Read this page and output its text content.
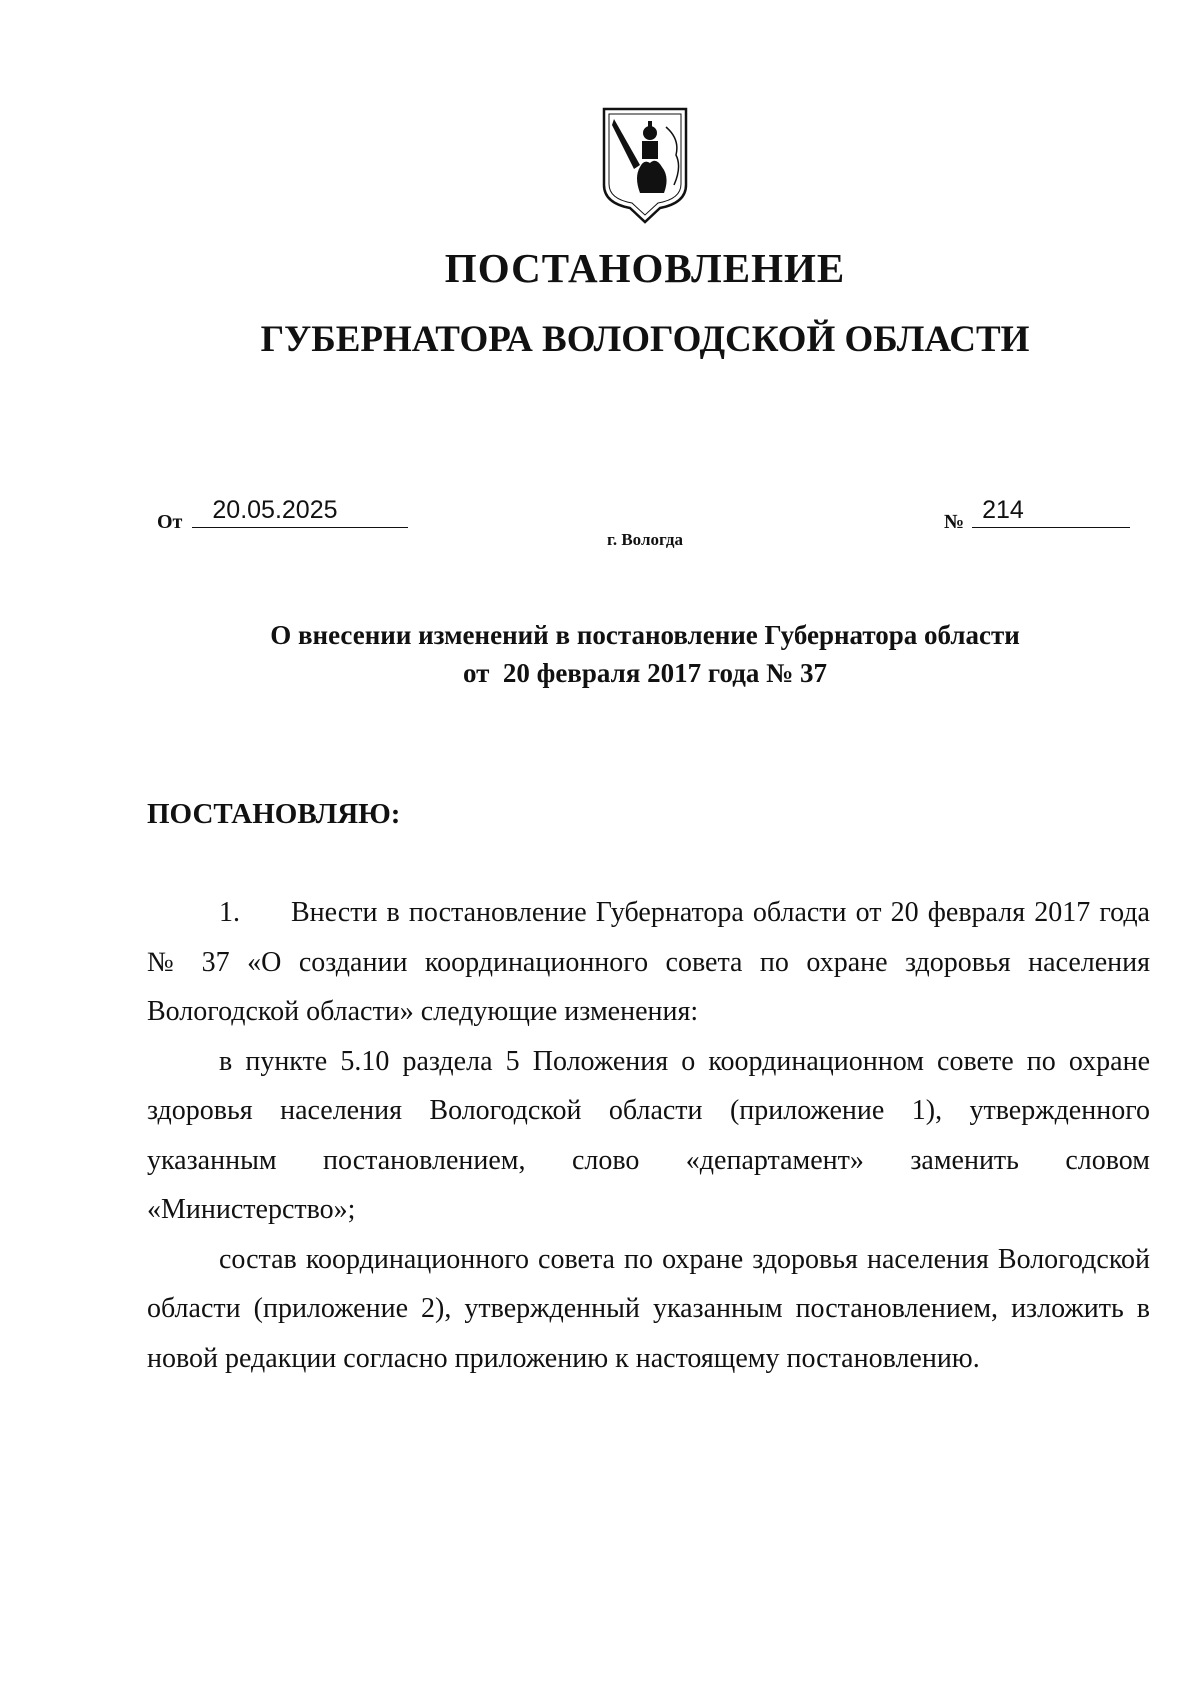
ПОСТАНОВЛЕНИЕ
ГУБЕРНАТОРА ВОЛОГОДСКОЙ ОБЛАСТИ
От 20.05.2025	№ 214
г. Вологда
О внесении изменений в постановление Губернатора области
от  20 февраля 2017 года № 37
ПОСТАНОВЛЯЮ:

1. Внести в постановление Губернатора области от 20 февраля 2017 года № 37 «О создании координационного совета по охране здоровья населения Вологодской области» следующие изменения:

в пункте 5.10 раздела 5 Положения о координационном совете по охране здоровья населения Вологодской области (приложение 1), утвержденного указанным постановлением, слово «департамент» заменить словом «Министерство»;

состав координационного совета по охране здоровья населения Вологодской области (приложение 2), утвержденный указанным постановлением, изложить в новой редакции согласно приложению к настоящему постановлению.
